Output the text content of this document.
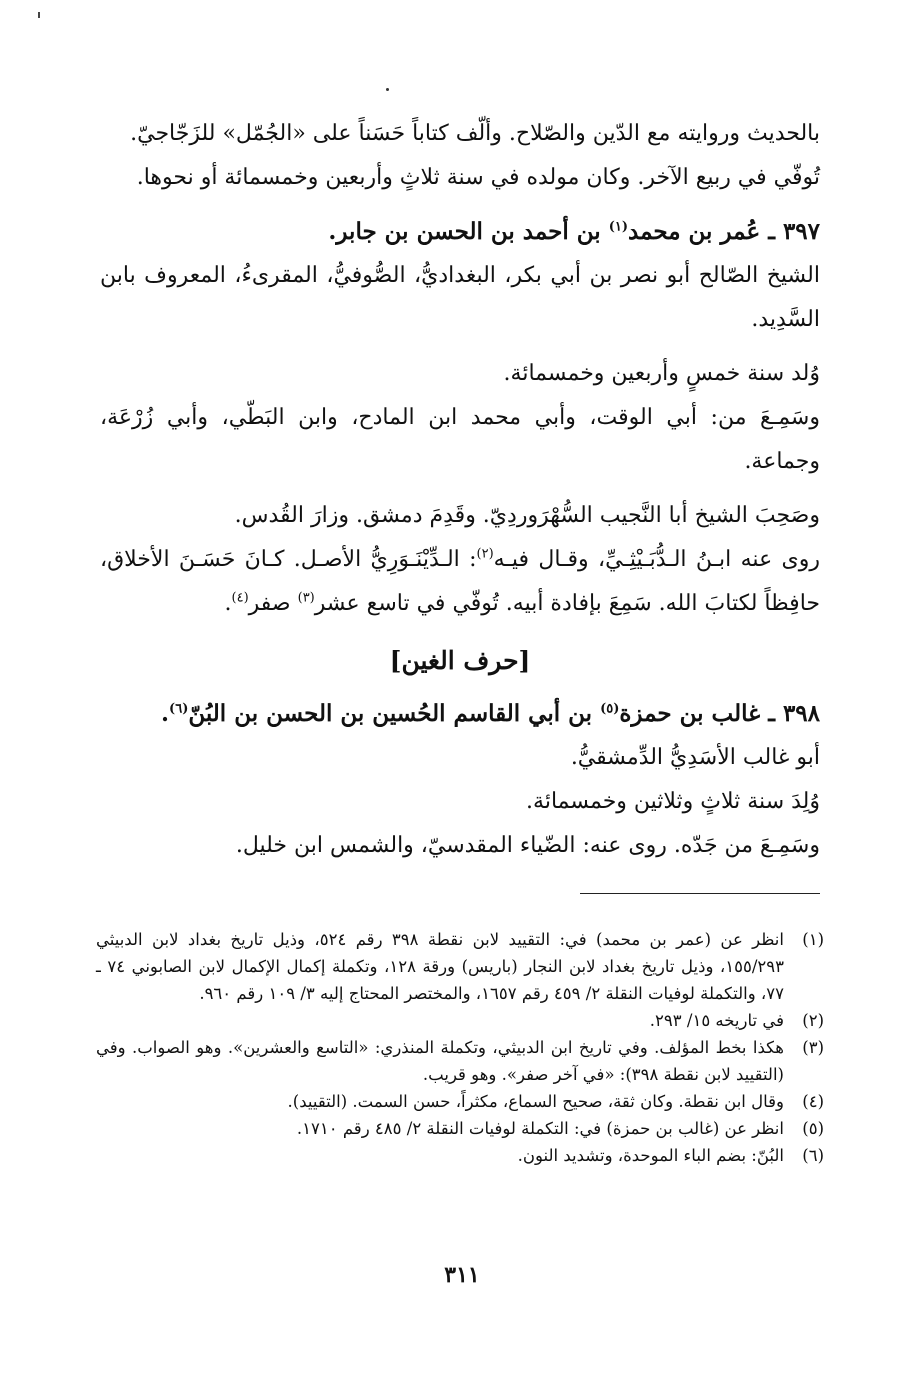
بالحديث وروايته مع الدّين والصّلاح. وألّف كتاباً حَسَناً على «الجُمّل» للزَجّاجيّ.

تُوفّي في ربيع الآخر. وكان مولده في سنة ثلاثٍ وأربعين وخمسمائة أو نحوها.

٣٩٧ ـ عُمر بن محمد$^{(١)}$ بن أحمد بن الحسن بن جابر.

الشيخ الصّالح أبو نصر بن أبي بكر، البغداديُّ، الصُّوفيُّ، المقرىءُ، المعروف بابن السَّدِيد.

وُلد سنة خمسٍ وأربعين وخمسمائة.

وسَمِـعَ من: أبي الوقت، وأبي محمد ابن المادح، وابن البَطّي، وأبي زُرْعَة، وجماعة.

وصَحِبَ الشيخ أبا النَّجيب السُّهْرَوردِيّ. وقَدِمَ دمشق. وزارَ القُدس.

روى عنه ابـنُ الـدُّبَـيْثِـيِّ، وقـال فيـه$^{(٢)}$: الـدِّيْنَـوَرِيُّ الأصـل. كـانَ حَسَـنَ الأخلاق، حافِظاً لكتابَ الله. سَمِعَ بإفادة أبيه. تُوفّي في تاسع عشر$^{(٣)}$ صفر$^{(٤)}$.

[حرف الغين]

٣٩٨ ـ غالب بن حمزة$^{(٥)}$ بن أبي القاسم الحُسين بن الحسن بن البُنّ$^{(٦)}$.

أبو غالب الأسَدِيُّ الدِّمشقيُّ.

وُلِدَ سنة ثلاثٍ وثلاثين وخمسمائة.

وسَمِـعَ من جَدّه. روى عنه: الضّياء المقدسيّ، والشمس ابن خليل.

(١)
انظر عن (عمر بن محمد) في: التقييد لابن نقطة ٣٩٨ رقم ٥٢٤، وذيل تاريخ بغداد لابن الدبيثي ١٥٥/٢٩٣، وذيل تاريخ بغداد لابن النجار (باريس) ورقة ١٢٨، وتكملة إكمال الإكمال لابن الصابوني ٧٤ ـ ٧٧، والتكملة لوفيات النقلة ٢/ ٤٥٩ رقم ١٦٥٧، والمختصر المحتاج إليه ٣/ ١٠٩ رقم ٩٦٠.
(٢)
في تاريخه ١٥/ ٢٩٣.
(٣)
هكذا بخط المؤلف. وفي تاريخ ابن الدبيثي، وتكملة المنذري: «التاسع والعشرين». وهو الصواب. وفي (التقييد لابن نقطة ٣٩٨): «في آخر صفر». وهو قريب.
(٤)
وقال ابن نقطة. وكان ثقة، صحيح السماع، مكثراً، حسن السمت. (التقييد).
(٥)
انظر عن (غالب بن حمزة) في: التكملة لوفيات النقلة ٢/ ٤٨٥ رقم ١٧١٠.
(٦)
البُنّ: بضم الباء الموحدة، وتشديد النون.
٣١١
